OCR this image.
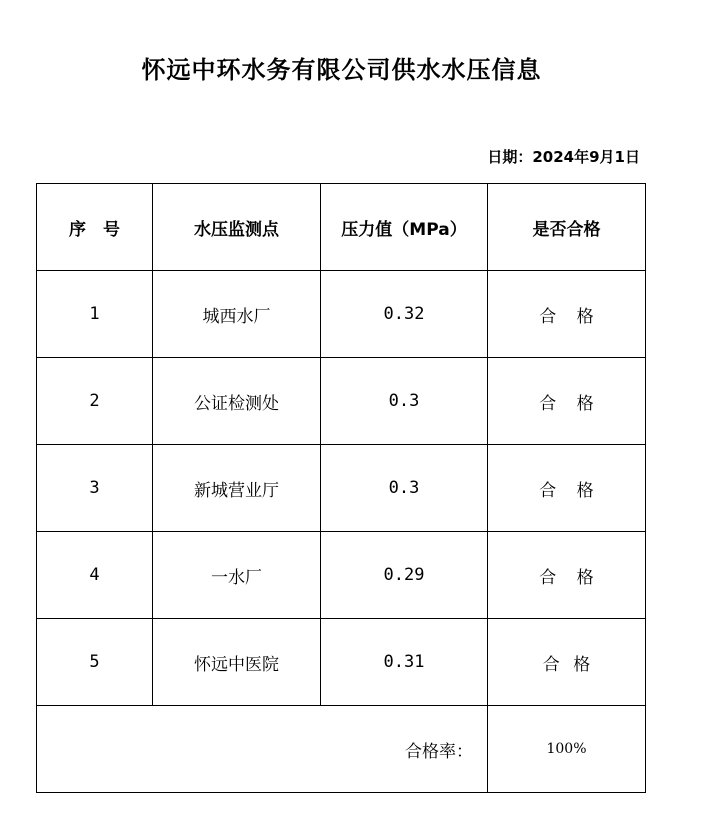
怀远中环水务有限公司供水水压信息
日期：2024年9月1日
序　号	水压监测点	压力值（MPa）	是否合格
1	城西水厂	0.32	合格
2	公证检测处	0.3	合格
3	新城营业厅	0.3	合格
4	一水厂	0.29	合格
5	怀远中医院	0.31	合格
合格率：			100%
